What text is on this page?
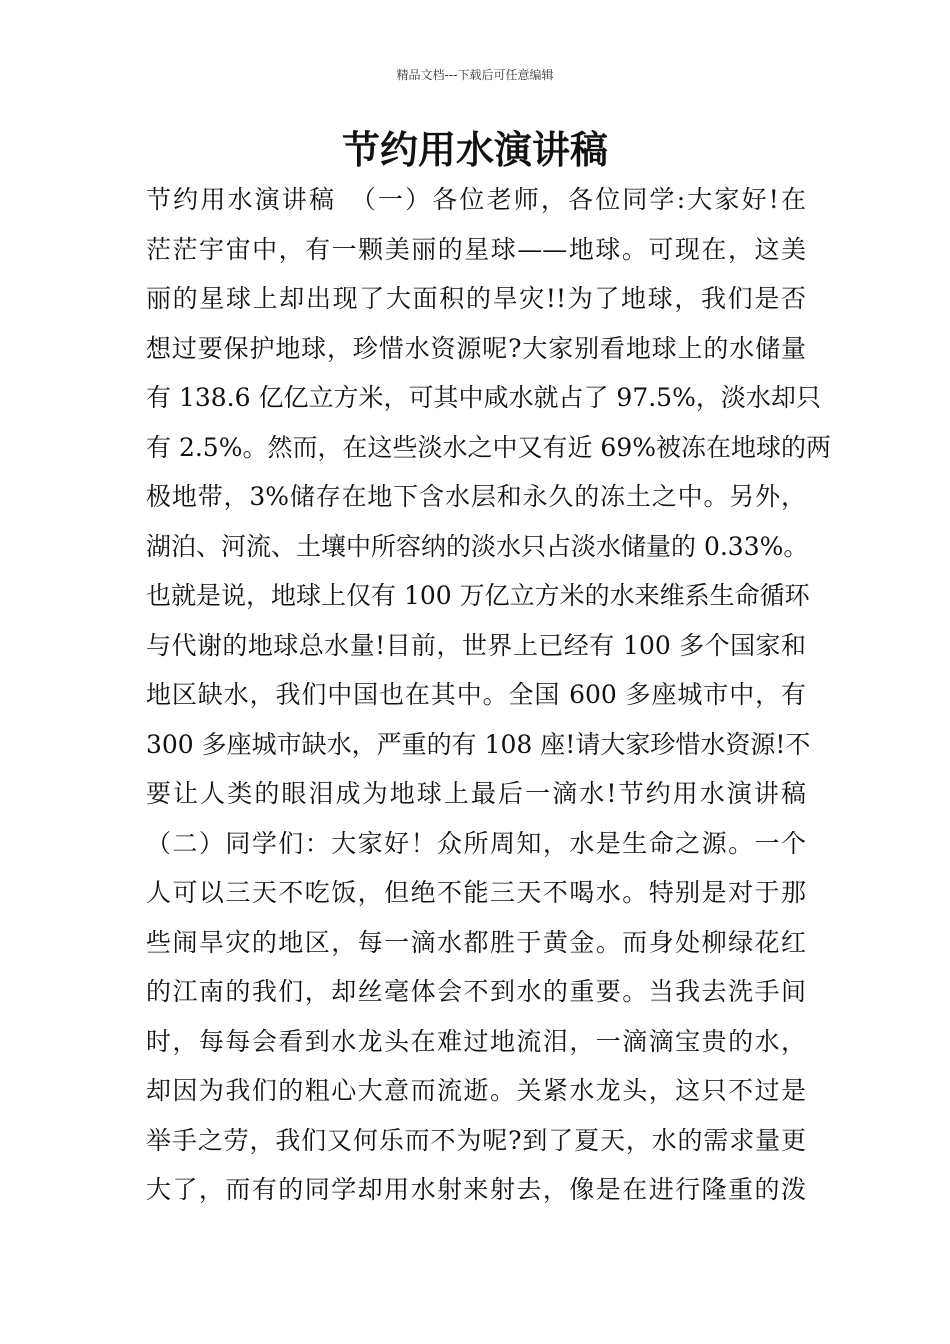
精品文档---下载后可任意编辑
节约用水演讲稿
节约用水演讲稿　（一）各位老师，各位同学:大家好!在
茫茫宇宙中，有一颗美丽的星球——地球。可现在，这美
丽的星球上却出现了大面积的旱灾!!为了地球，我们是否
想过要保护地球，珍惜水资源呢?大家别看地球上的水储量
有 138.6 亿亿立方米，可其中咸水就占了 97.5%，淡水却只
有 2.5%。然而，在这些淡水之中又有近 69%被冻在地球的两
极地带，3%储存在地下含水层和永久的冻土之中。另外，
湖泊、河流、土壤中所容纳的淡水只占淡水储量的 0.33%。
也就是说，地球上仅有 100 万亿立方米的水来维系生命循环
与代谢的地球总水量!目前，世界上已经有 100 多个国家和
地区缺水，我们中国也在其中。全国 600 多座城市中，有
300 多座城市缺水，严重的有 108 座!请大家珍惜水资源!不
要让人类的眼泪成为地球上最后一滴水!节约用水演讲稿
（二）同学们：大家好！众所周知，水是生命之源。一个
人可以三天不吃饭，但绝不能三天不喝水。特别是对于那
些闹旱灾的地区，每一滴水都胜于黄金。而身处柳绿花红
的江南的我们，却丝毫体会不到水的重要。当我去洗手间
时，每每会看到水龙头在难过地流泪，一滴滴宝贵的水，
却因为我们的粗心大意而流逝。关紧水龙头，这只不过是
举手之劳，我们又何乐而不为呢?到了夏天，水的需求量更
大了，而有的同学却用水射来射去，像是在进行隆重的泼
